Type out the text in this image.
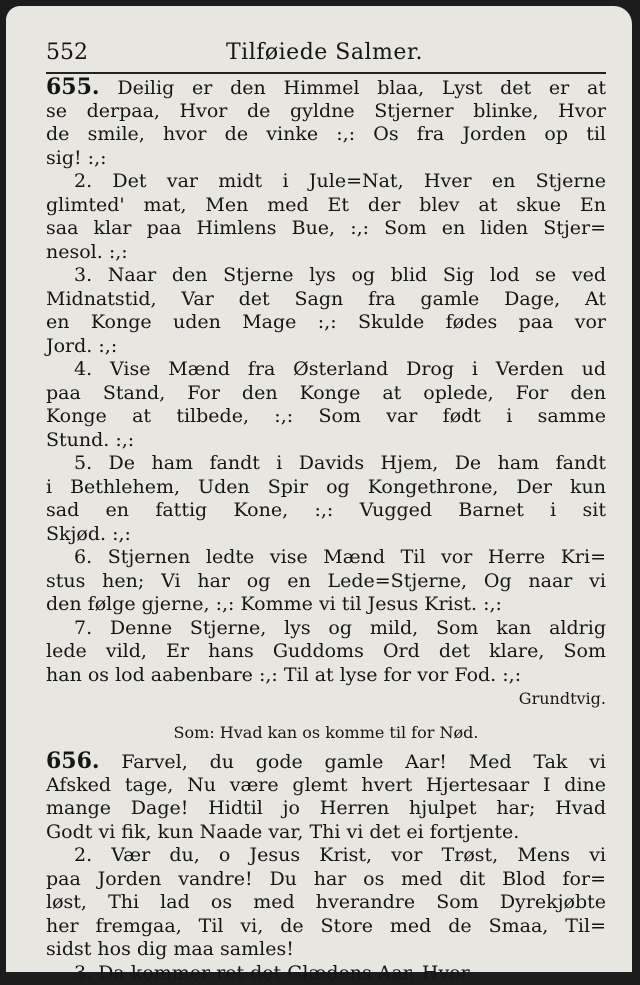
552	Tilføiede Salmer.
655. Deilig er den Himmel blaa, Lyst det er at
se derpaa, Hvor de gyldne Stjerner blinke, Hvor
de smile, hvor de vinke :,: Os fra Jorden op til
sig! :,:
2. Det var midt i Jule=Nat, Hver en Stjerne
glimted' mat, Men med Et der blev at skue En
saa klar paa Himlens Bue, :,: Som en liden Stjer=
nesol. :,:
3. Naar den Stjerne lys og blid Sig lod se ved
Midnatstid, Var det Sagn fra gamle Dage, At
en Konge uden Mage :,: Skulde fødes paa vor
Jord. :,:
4. Vise Mænd fra Østerland Drog i Verden ud
paa Stand, For den Konge at oplede, For den
Konge at tilbede, :,: Som var født i samme
Stund. :,:
5. De ham fandt i Davids Hjem, De ham fandt
i Bethlehem, Uden Spir og Kongethrone, Der kun
sad en fattig Kone, :,: Vugged Barnet i sit
Skjød. :,:
6. Stjernen ledte vise Mænd Til vor Herre Kri=
stus hen; Vi har og en Lede=Stjerne, Og naar vi
den følge gjerne, :,: Komme vi til Jesus Krist. :,:
7. Denne Stjerne, lys og mild, Som kan aldrig
lede vild, Er hans Guddoms Ord det klare, Som
han os lod aabenbare :,: Til at lyse for vor Fod. :,:
Grundtvig.
Som: Hvad kan os komme til for Nød.
656. Farvel, du gode gamle Aar! Med Tak vi
Afsked tage, Nu være glemt hvert Hjertesaar I dine
mange Dage! Hidtil jo Herren hjulpet har; Hvad
Godt vi fik, kun Naade var, Thi vi det ei fortjente.
2. Vær du, o Jesus Krist, vor Trøst, Mens vi
paa Jorden vandre! Du har os med dit Blod for=
løst, Thi lad os med hverandre Som Dyrekjøbte
her fremgaa, Til vi, de Store med de Smaa, Til=
sidst hos dig maa samles!
3. Da kommer ret det Glædens Aar, Hvor
